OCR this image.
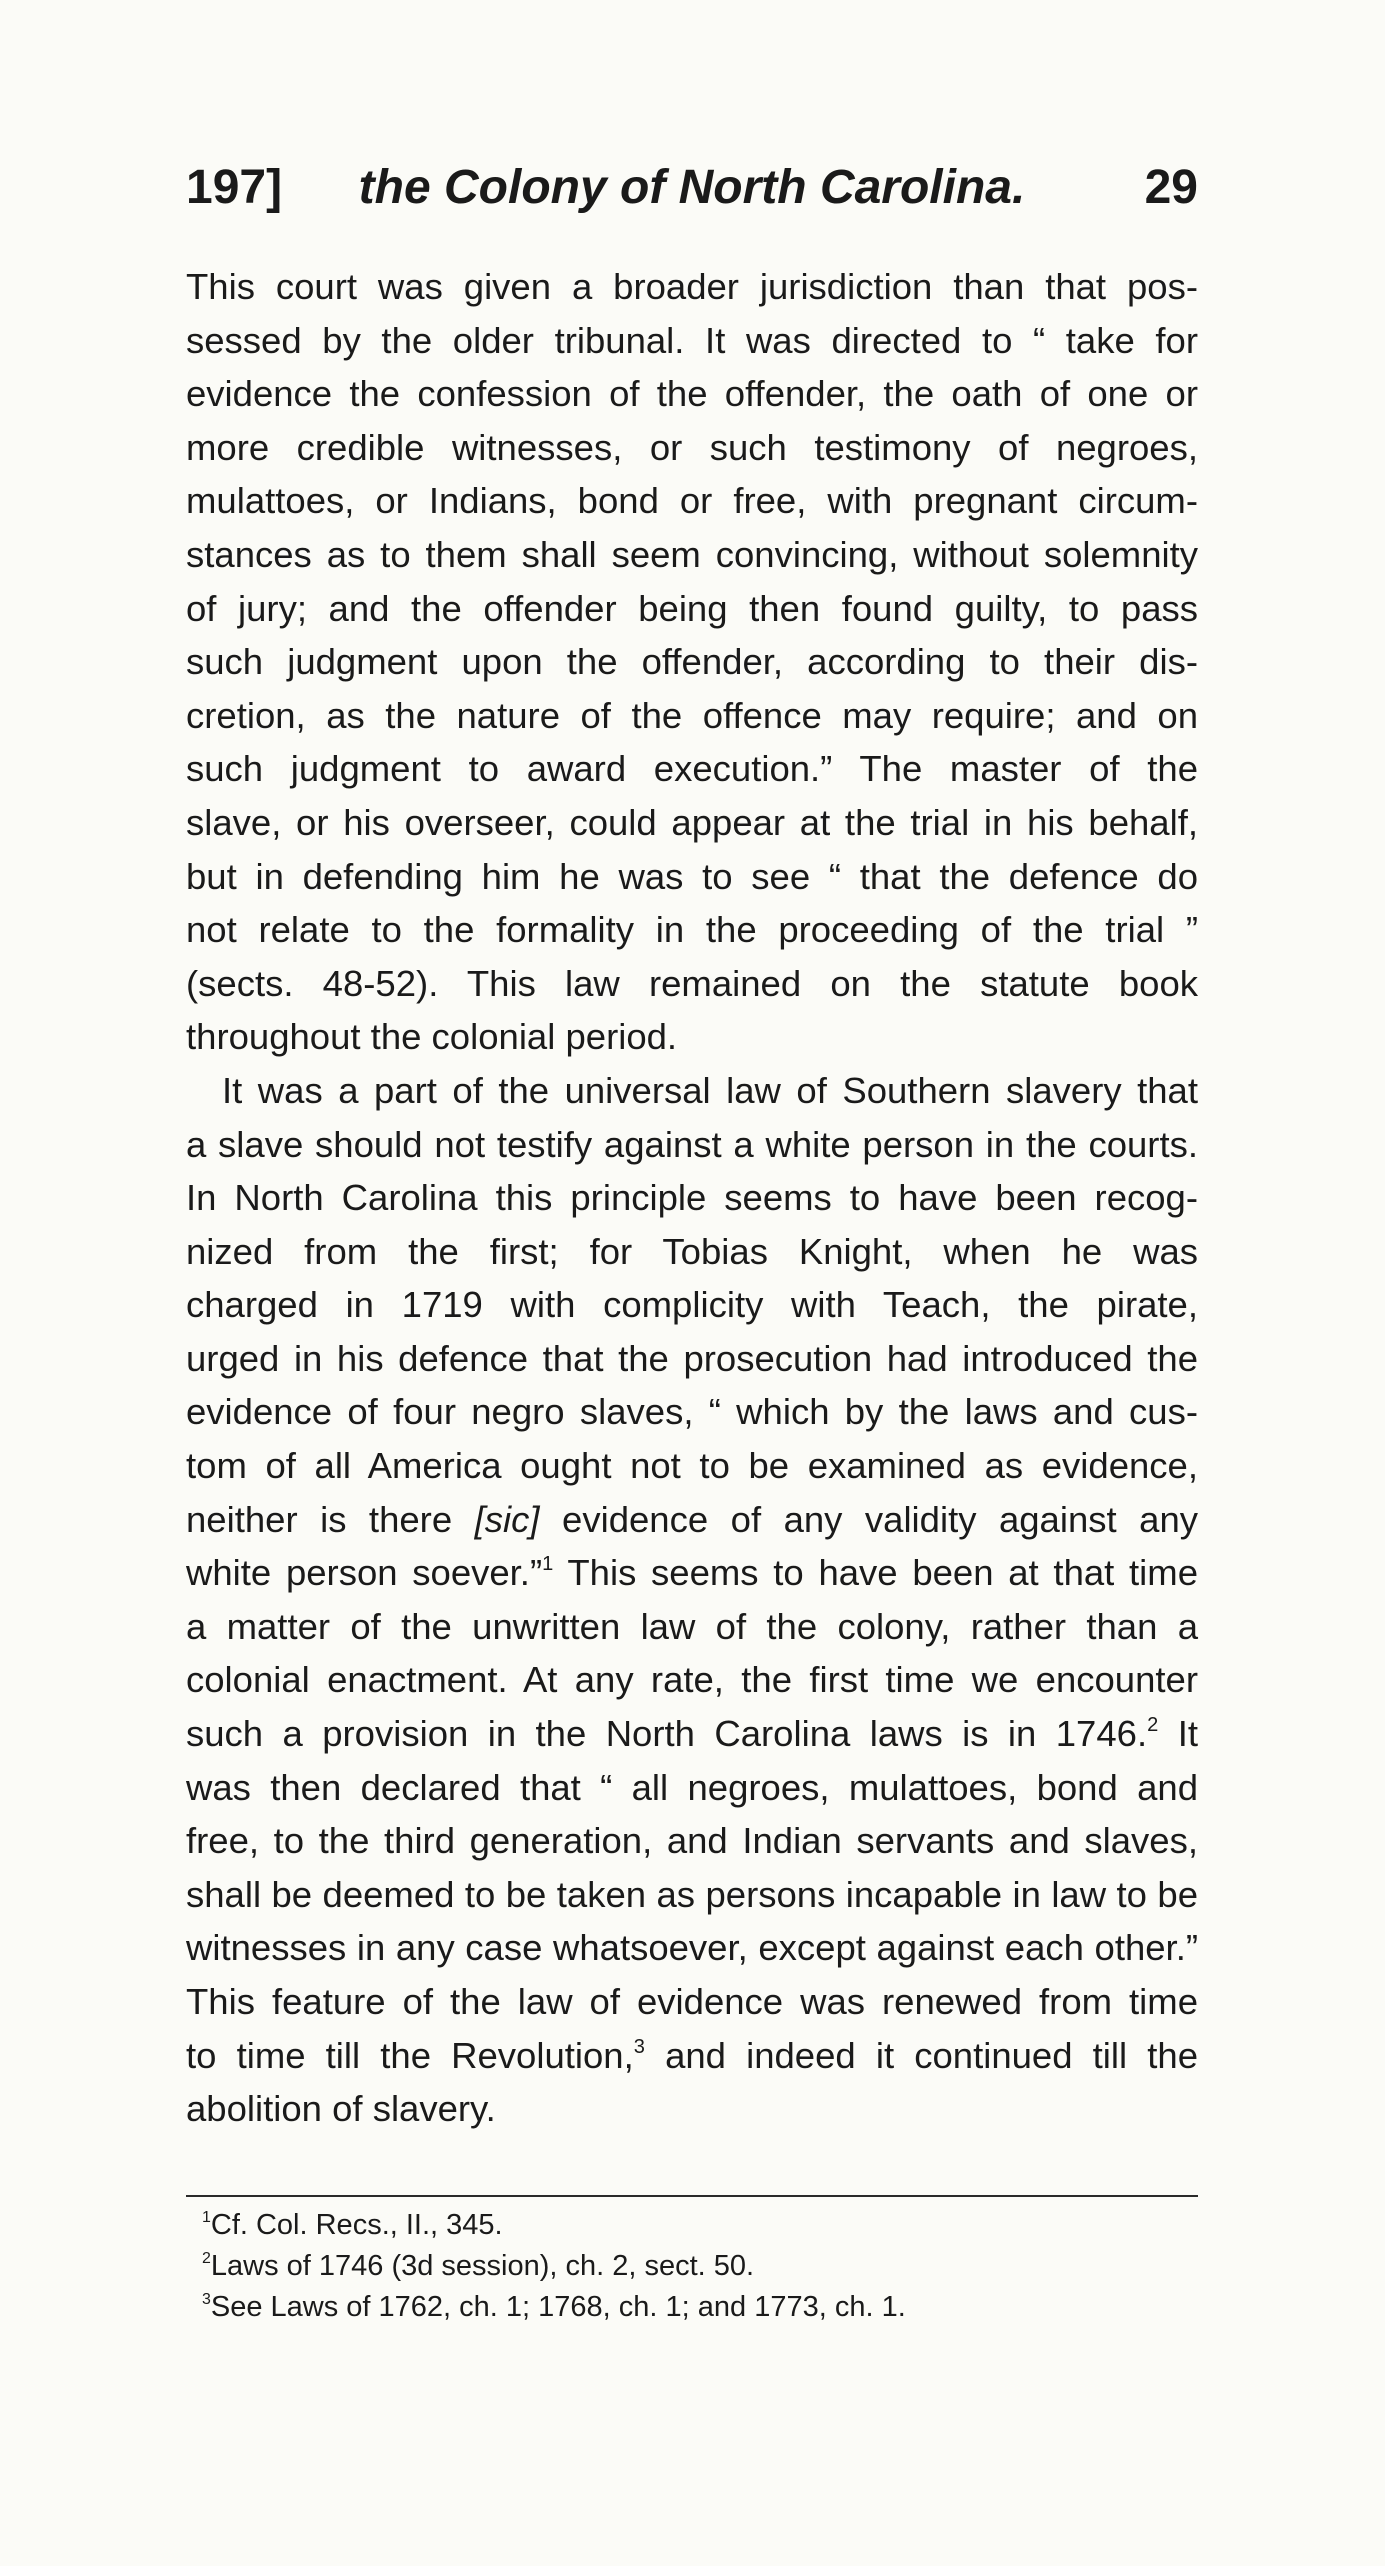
197]	the Colony of North Carolina.	29

This court was given a broader jurisdiction than that pos-
sessed by the older tribunal. It was directed to “ take for
evidence the confession of the offender, the oath of one or
more credible witnesses, or such testimony of negroes,
mulattoes, or Indians, bond or free, with pregnant circum-
stances as to them shall seem convincing, without solemnity
of jury; and the offender being then found guilty, to pass
such judgment upon the offender, according to their dis-
cretion, as the nature of the offence may require; and on
such judgment to award execution.” The master of the
slave, or his overseer, could appear at the trial in his behalf,
but in defending him he was to see “ that the defence do
not relate to the formality in the proceeding of the trial ”
(sects. 48-52). This law remained on the statute book
throughout the colonial period.

It was a part of the universal law of Southern slavery that
a slave should not testify against a white person in the courts.
In North Carolina this principle seems to have been recog-
nized from the first; for Tobias Knight, when he was
charged in 1719 with complicity with Teach, the pirate,
urged in his defence that the prosecution had introduced the
evidence of four negro slaves, “ which by the laws and cus-
tom of all America ought not to be examined as evidence,
neither is there [sic] evidence of any validity against any
white person soever.”$^1$ This seems to have been at that time
a matter of the unwritten law of the colony, rather than a
colonial enactment. At any rate, the first time we encounter
such a provision in the North Carolina laws is in 1746.$^2$ It
was then declared that “ all negroes, mulattoes, bond and
free, to the third generation, and Indian servants and slaves,
shall be deemed to be taken as persons incapable in law to be
witnesses in any case whatsoever, except against each other.”
This feature of the law of evidence was renewed from time
to time till the Revolution,$^3$ and indeed it continued till the
abolition of slavery.

$^1$Cf. Col. Recs., II., 345.
$^2$Laws of 1746 (3d session), ch. 2, sect. 50.
$^3$See Laws of 1762, ch. 1; 1768, ch. 1; and 1773, ch. 1.
